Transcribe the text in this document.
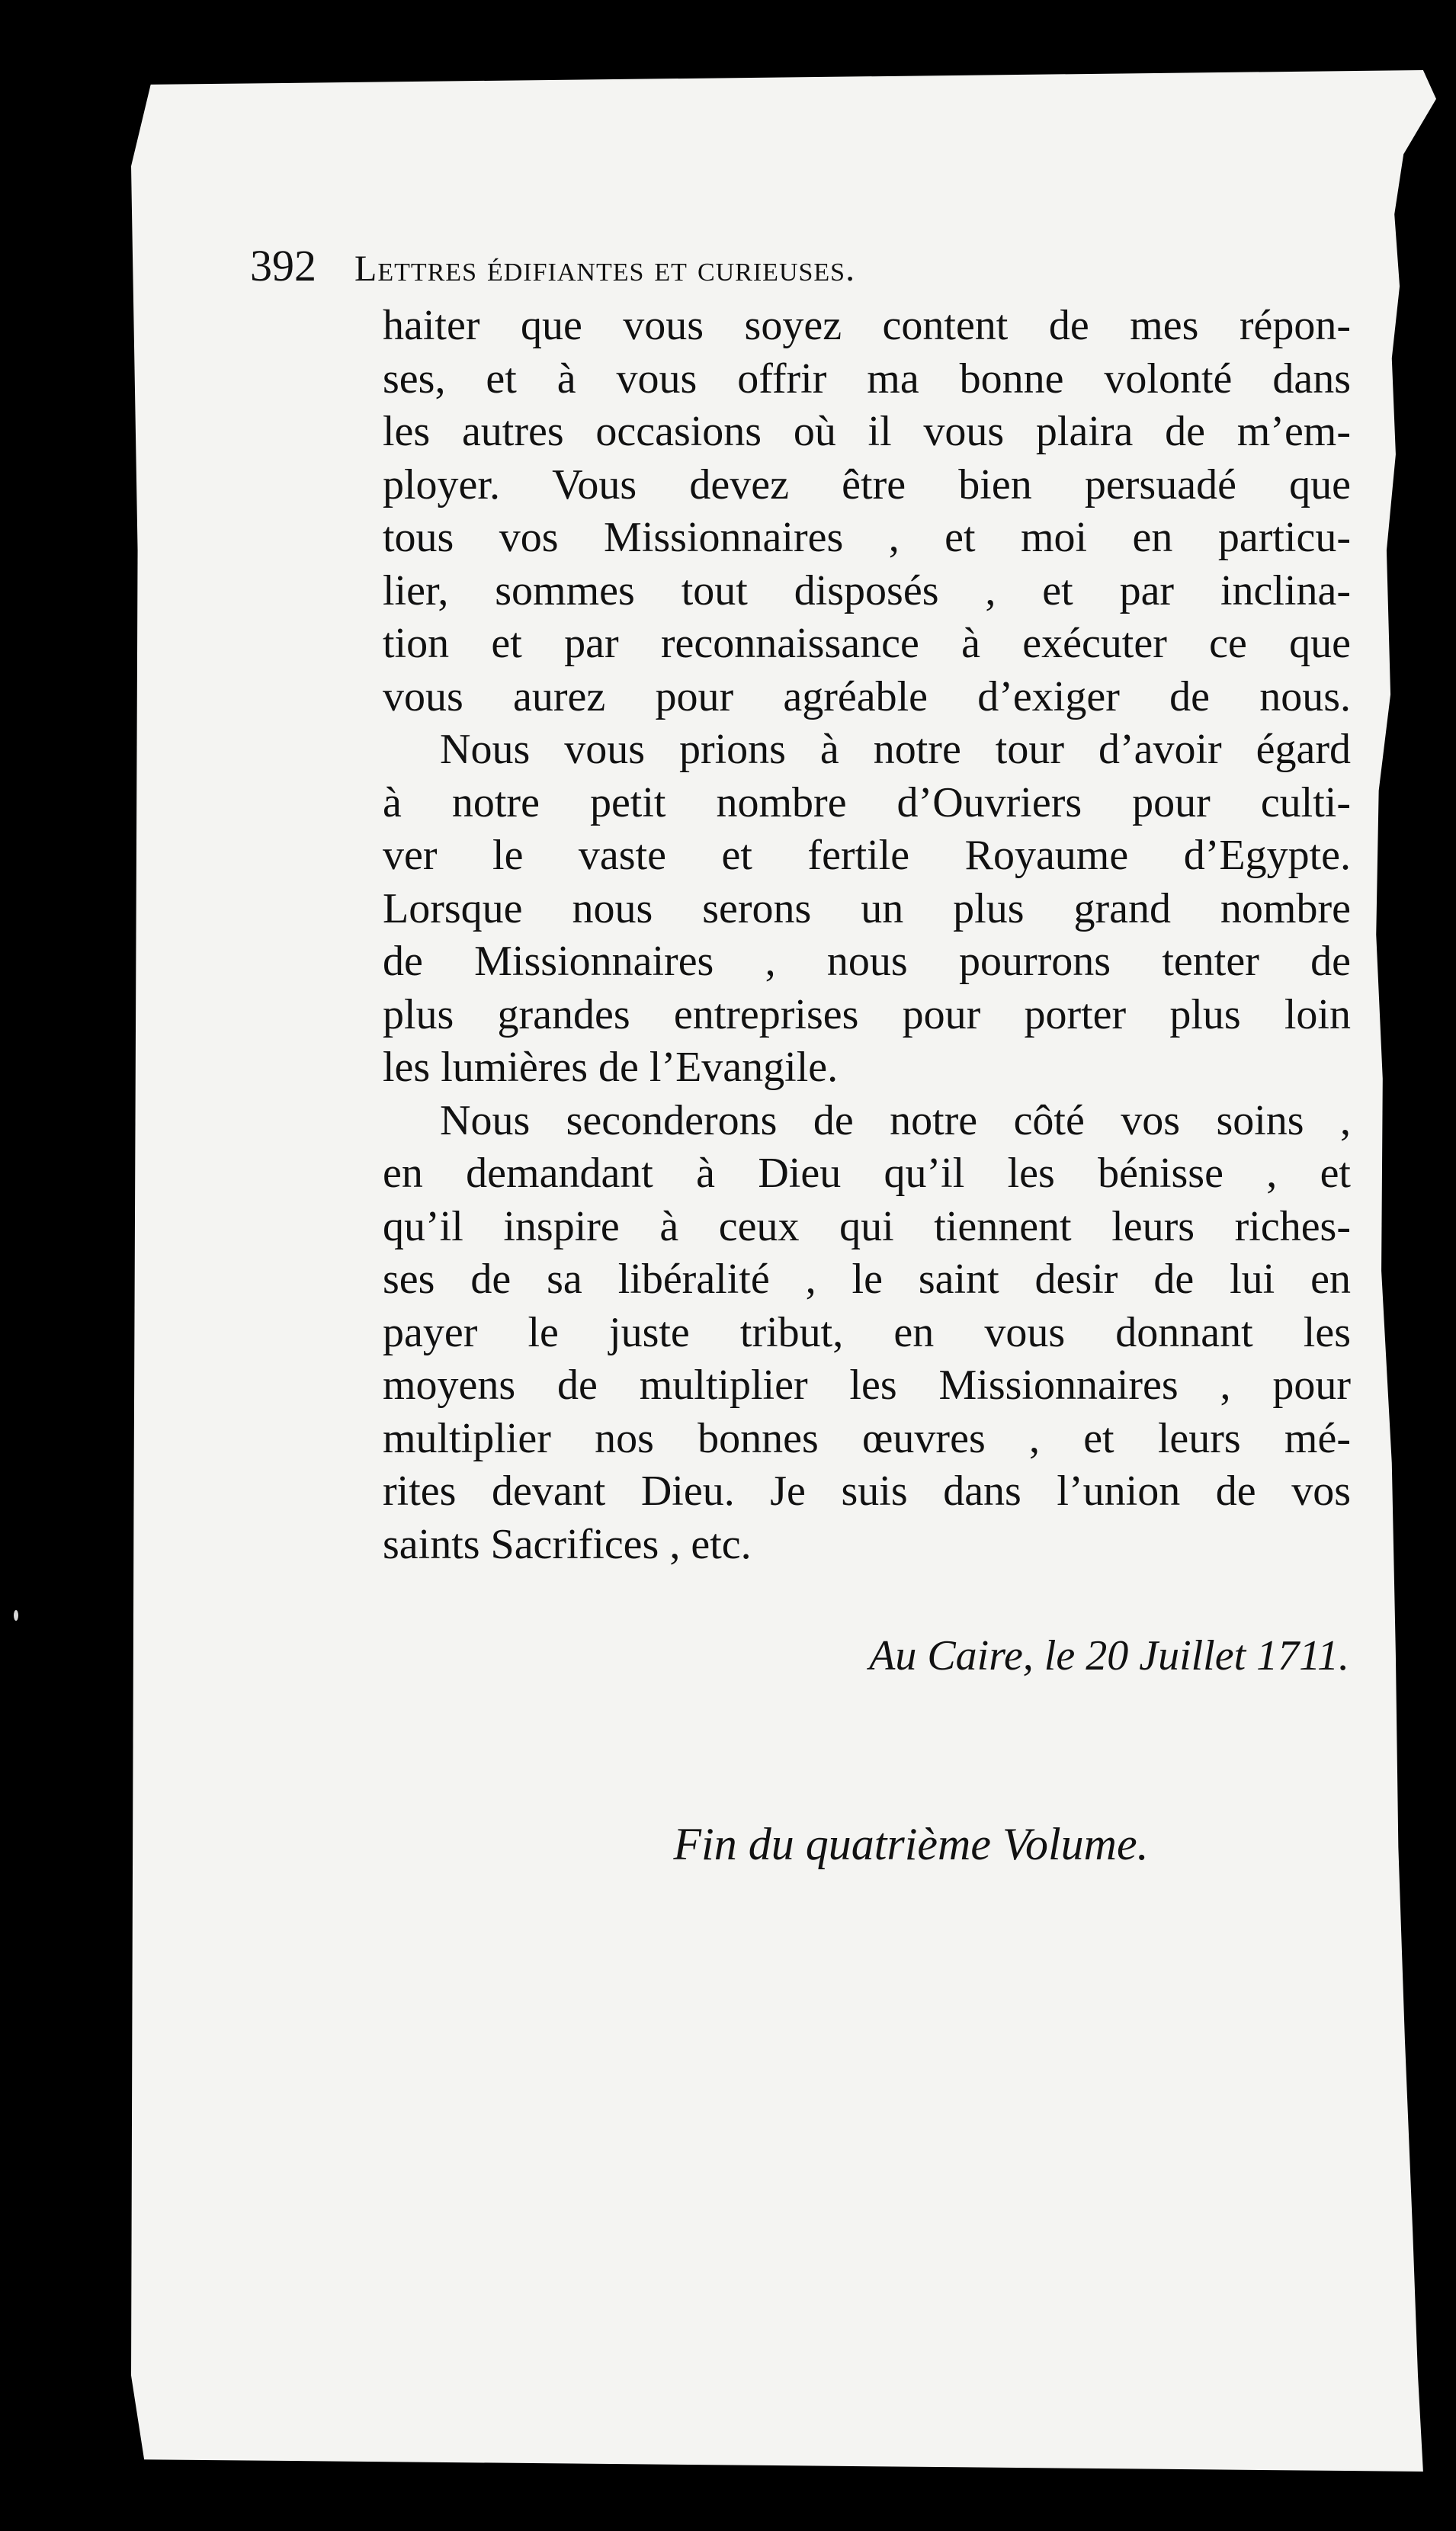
392 Lettres édifiantes et curieuses.
haiter que vous soyez content de mes répon-
ses, et à vous offrir ma bonne volonté dans
les autres occasions où il vous plaira de m’em-
ployer. Vous devez être bien persuadé que
tous vos Missionnaires , et moi en particu-
lier, sommes tout disposés , et par inclina-
tion et par reconnaissance à exécuter ce que
vous aurez pour agréable d’exiger de nous.
Nous vous prions à notre tour d’avoir égard
à notre petit nombre d’Ouvriers pour culti-
ver le vaste et fertile Royaume d’Egypte.
Lorsque nous serons un plus grand nombre
de Missionnaires , nous pourrons tenter de
plus grandes entreprises pour porter plus loin
les lumières de l’Evangile.
Nous seconderons de notre côté vos soins ,
en demandant à Dieu qu’il les bénisse , et
qu’il inspire à ceux qui tiennent leurs riches-
ses de sa libéralité , le saint desir de lui en
payer le juste tribut, en vous donnant les
moyens de multiplier les Missionnaires , pour
multiplier nos bonnes œuvres , et leurs mé-
rites devant Dieu. Je suis dans l’union de vos
saints Sacrifices , etc.
Au Caire, le 20 Juillet 1711.
Fin du quatrième Volume.
